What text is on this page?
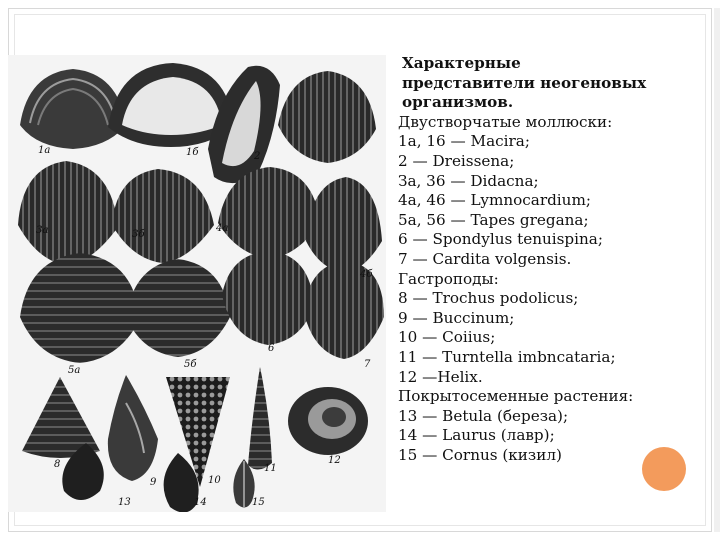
1а	1б	2
3а	3б
4а
4б
5а
5б
6
7
8
9	10
11
12
13	14	15

Характерные
представители неогеновых
организмов.

Двустворчатые моллюски:

1а, 16 — Macira;

2 — Dreissena;

За, 36 — Didacna;

4а, 46 — Lymnocardium;

5а, 56 — Tapes gregana;

6 — Spondylus tenuispina;

7 — Cardita volgensis.

Гастроподы:

8 — Trochus podolicus;

9 — Buccinum;

10 — Coiius;

11 — Turntella imbncataria;

12 —Helix.

Покрытосеменные растения:

13 — Betula (береза);

14 — Laurus (лавр);

15 — Cornus (кизил)
